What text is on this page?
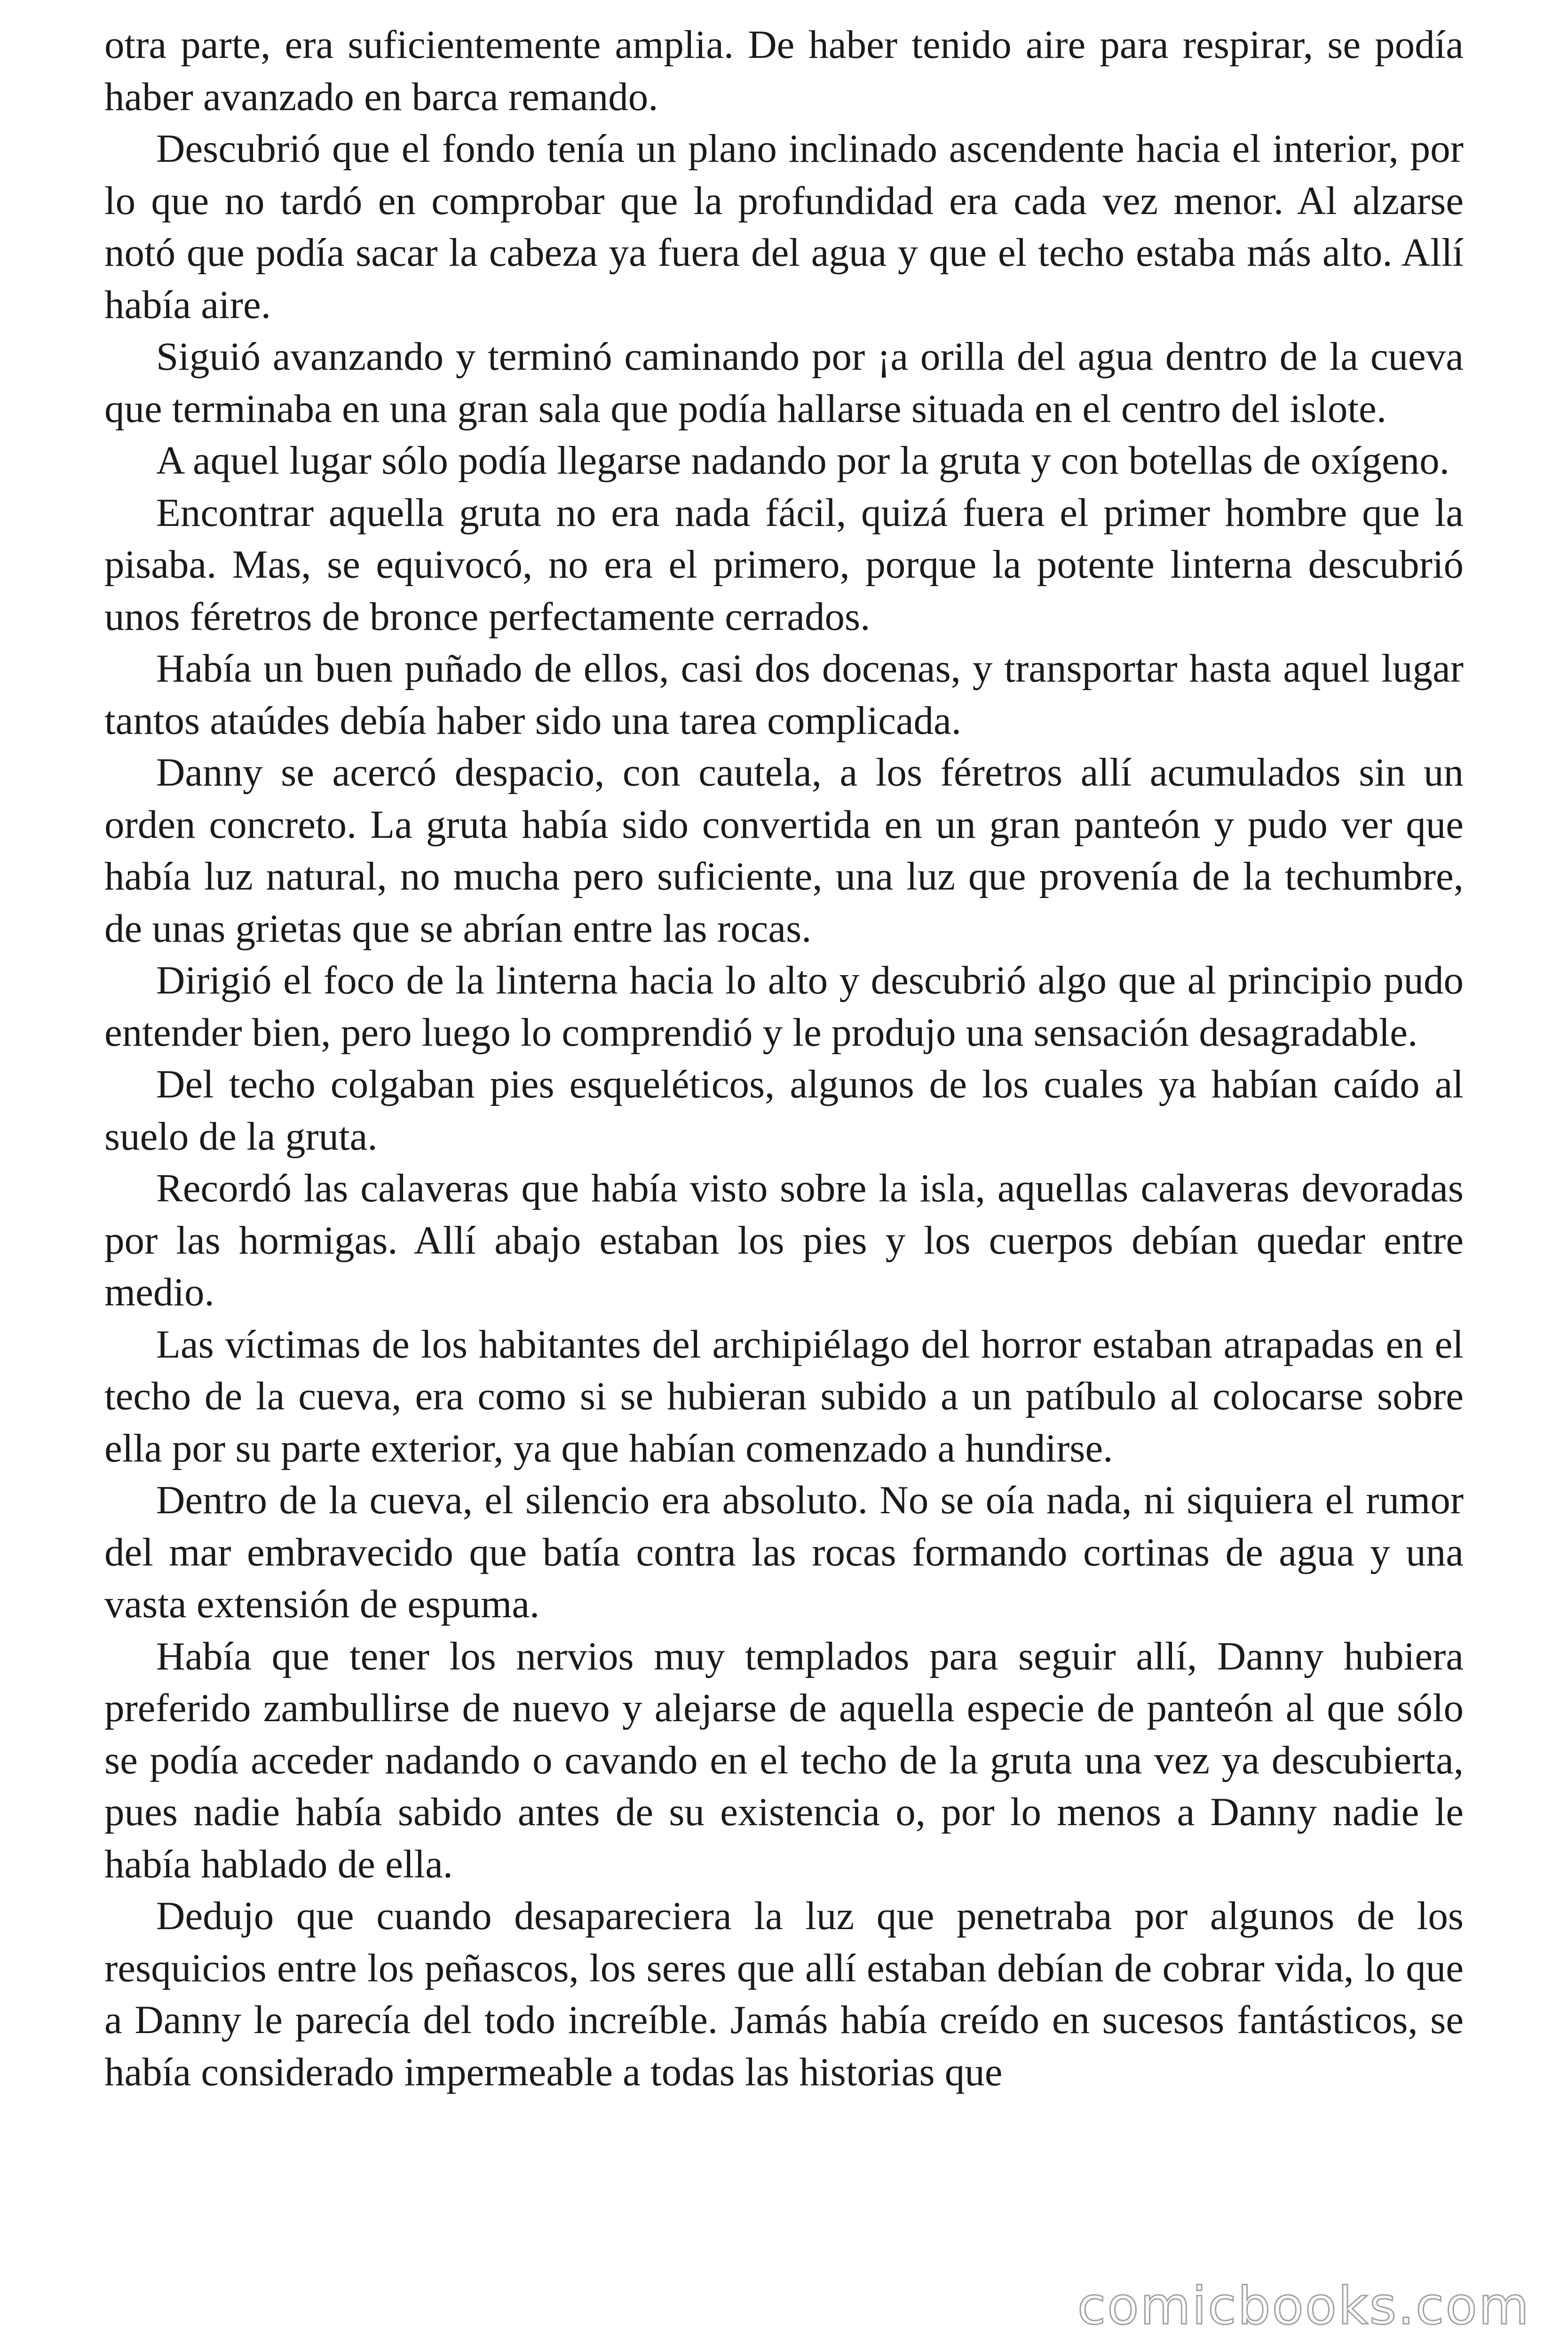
otra parte, era suficientemente amplia. De haber tenido aire para respirar, se podía haber avanzado en barca remando.

Descubrió que el fondo tenía un plano inclinado ascendente hacia el interior, por lo que no tardó en comprobar que la profundidad era cada vez menor. Al alzarse notó que podía sacar la cabeza ya fuera del agua y que el techo estaba más alto. Allí había aire.

Siguió avanzando y terminó caminando por ¡a orilla del agua dentro de la cueva que terminaba en una gran sala que podía hallarse situada en el centro del islote.

A aquel lugar sólo podía llegarse nadando por la gruta y con botellas de oxígeno.

Encontrar aquella gruta no era nada fácil, quizá fuera el primer hombre que la pisaba. Mas, se equivocó, no era el primero, porque la potente linterna descubrió unos féretros de bronce perfectamente cerrados.

Había un buen puñado de ellos, casi dos docenas, y transportar hasta aquel lugar tantos ataúdes debía haber sido una tarea complicada.

Danny se acercó despacio, con cautela, a los féretros allí acumulados sin un orden concreto. La gruta había sido convertida en un gran panteón y pudo ver que había luz natural, no mucha pero suficiente, una luz que provenía de la techumbre, de unas grietas que se abrían entre las rocas.

Dirigió el foco de la linterna hacia lo alto y descubrió algo que al principio pudo entender bien, pero luego lo comprendió y le produjo una sensación desagradable.

Del techo colgaban pies esqueléticos, algunos de los cuales ya habían caído al suelo de la gruta.

Recordó las calaveras que había visto sobre la isla, aquellas calaveras devoradas por las hormigas. Allí abajo estaban los pies y los cuerpos debían quedar entre medio.

Las víctimas de los habitantes del archipiélago del horror estaban atrapadas en el techo de la cueva, era como si se hubieran subido a un patíbulo al colocarse sobre ella por su parte exterior, ya que habían comenzado a hundirse.

Dentro de la cueva, el silencio era absoluto. No se oía nada, ni siquiera el rumor del mar embravecido que batía contra las rocas formando cortinas de agua y una vasta extensión de espuma.

Había que tener los nervios muy templados para seguir allí, Danny hubiera preferido zambullirse de nuevo y alejarse de aquella especie de panteón al que sólo se podía acceder nadando o cavando en el techo de la gruta una vez ya descubierta, pues nadie había sabido antes de su existencia o, por lo menos a Danny nadie le había hablado de ella.

Dedujo que cuando desapareciera la luz que penetraba por algunos de los resquicios entre los peñascos, los seres que allí estaban debían de cobrar vida, lo que a Danny le parecía del todo increíble. Jamás había creído en sucesos fantásticos, se había considerado impermeable a todas las historias que

comicbooks.com
